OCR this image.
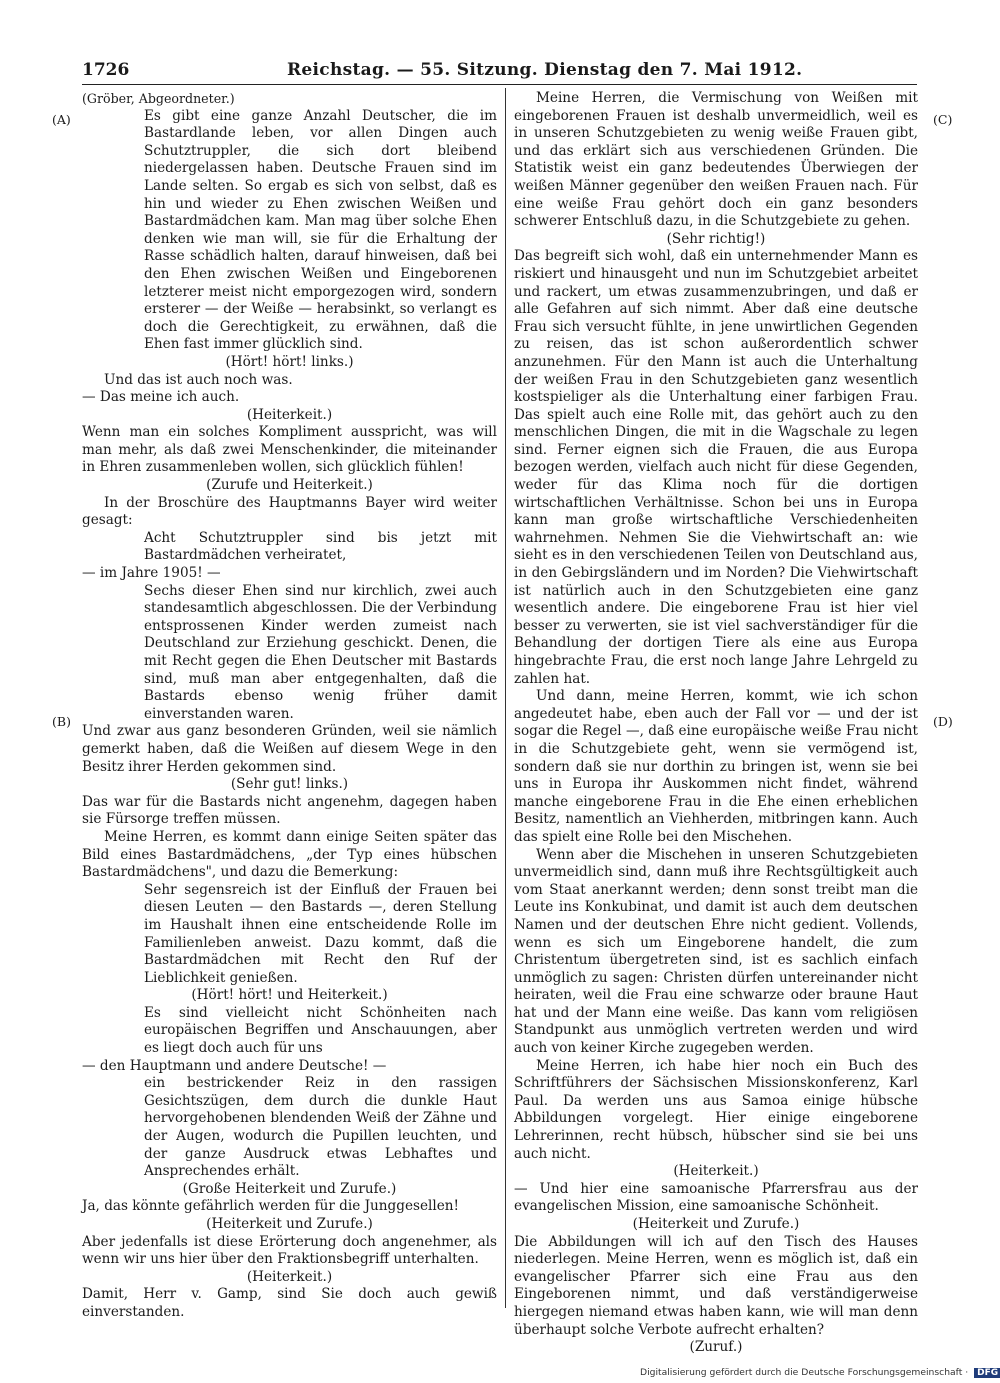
1726	Reichstag. — 55. Sitzung. Dienstag den 7. Mai 1912.
(A)
(B)
(C)
(D)

(Gröber, Abgeordneter.)

Es gibt eine ganze Anzahl Deutscher, die im Bastardlande leben, vor allen Dingen auch Schutztruppler, die sich dort bleibend niedergelassen haben. Deutsche Frauen sind im Lande selten. So ergab es sich von selbst, daß es hin und wieder zu Ehen zwischen Weißen und Bastardmädchen kam. Man mag über solche Ehen denken wie man will, sie für die Erhaltung der Rasse schädlich halten, darauf hinweisen, daß bei den Ehen zwischen Weißen und Eingeborenen letzterer meist nicht emporgezogen wird, sondern ersterer — der Weiße — herabsinkt, so verlangt es doch die Gerechtigkeit, zu erwähnen, daß die Ehen fast immer glücklich sind.

(Hört! hört! links.)

Und das ist auch noch was.

— Das meine ich auch.

(Heiterkeit.)

Wenn man ein solches Kompliment ausspricht, was will man mehr, als daß zwei Menschenkinder, die miteinander in Ehren zusammenleben wollen, sich glücklich fühlen!

(Zurufe und Heiterkeit.)

In der Broschüre des Hauptmanns Bayer wird weiter gesagt:

Acht Schutztruppler sind bis jetzt mit Bastardmädchen verheiratet,

— im Jahre 1905! —

Sechs dieser Ehen sind nur kirchlich, zwei auch standesamtlich abgeschlossen. Die der Verbindung entsprossenen Kinder werden zumeist nach Deutschland zur Erziehung geschickt. Denen, die mit Recht gegen die Ehen Deutscher mit Bastards sind, muß man aber entgegenhalten, daß die Bastards ebenso wenig früher damit einverstanden waren.

Und zwar aus ganz besonderen Gründen, weil sie nämlich gemerkt haben, daß die Weißen auf diesem Wege in den Besitz ihrer Herden gekommen sind.

(Sehr gut! links.)

Das war für die Bastards nicht angenehm, dagegen haben sie Fürsorge treffen müssen.

Meine Herren, es kommt dann einige Seiten später das Bild eines Bastardmädchens, „der Typ eines hübschen Bastardmädchens", und dazu die Bemerkung:

Sehr segensreich ist der Einfluß der Frauen bei diesen Leuten — den Bastards —, deren Stellung im Haushalt ihnen eine entscheidende Rolle im Familienleben anweist. Dazu kommt, daß die Bastardmädchen mit Recht den Ruf der Lieblichkeit genießen.

(Hört! hört! und Heiterkeit.)

Es sind vielleicht nicht Schönheiten nach europäischen Begriffen und Anschauungen, aber es liegt doch auch für uns

— den Hauptmann und andere Deutsche! —

ein bestrickender Reiz in den rassigen Gesichtszügen, dem durch die dunkle Haut hervorgehobenen blendenden Weiß der Zähne und der Augen, wodurch die Pupillen leuchten, und der ganze Ausdruck etwas Lebhaftes und Ansprechendes erhält.

(Große Heiterkeit und Zurufe.)

Ja, das könnte gefährlich werden für die Junggesellen!

(Heiterkeit und Zurufe.)

Aber jedenfalls ist diese Erörterung doch angenehmer, als wenn wir uns hier über den Fraktionsbegriff unterhalten.

(Heiterkeit.)

Damit, Herr v. Gamp, sind Sie doch auch gewiß einverstanden.

Meine Herren, die Vermischung von Weißen mit eingeborenen Frauen ist deshalb unvermeidlich, weil es in unseren Schutzgebieten zu wenig weiße Frauen gibt, und das erklärt sich aus verschiedenen Gründen. Die Statistik weist ein ganz bedeutendes Überwiegen der weißen Männer gegenüber den weißen Frauen nach. Für eine weiße Frau gehört doch ein ganz besonders schwerer Entschluß dazu, in die Schutzgebiete zu gehen.

(Sehr richtig!)

Das begreift sich wohl, daß ein unternehmender Mann es riskiert und hinausgeht und nun im Schutzgebiet arbeitet und rackert, um etwas zusammenzubringen, und daß er alle Gefahren auf sich nimmt. Aber daß eine deutsche Frau sich versucht fühlte, in jene unwirtlichen Gegenden zu reisen, das ist schon außerordentlich schwer anzunehmen. Für den Mann ist auch die Unterhaltung der weißen Frau in den Schutzgebieten ganz wesentlich kostspieliger als die Unterhaltung einer farbigen Frau. Das spielt auch eine Rolle mit, das gehört auch zu den menschlichen Dingen, die mit in die Wagschale zu legen sind. Ferner eignen sich die Frauen, die aus Europa bezogen werden, vielfach auch nicht für diese Gegenden, weder für das Klima noch für die dortigen wirtschaftlichen Verhältnisse. Schon bei uns in Europa kann man große wirtschaftliche Verschiedenheiten wahrnehmen. Nehmen Sie die Viehwirtschaft an: wie sieht es in den verschiedenen Teilen von Deutschland aus, in den Gebirgsländern und im Norden? Die Viehwirtschaft ist natürlich auch in den Schutzgebieten eine ganz wesentlich andere. Die eingeborene Frau ist hier viel besser zu verwerten, sie ist viel sachverständiger für die Behandlung der dortigen Tiere als eine aus Europa hingebrachte Frau, die erst noch lange Jahre Lehrgeld zu zahlen hat.

Und dann, meine Herren, kommt, wie ich schon angedeutet habe, eben auch der Fall vor — und der ist sogar die Regel —, daß eine europäische weiße Frau nicht in die Schutzgebiete geht, wenn sie vermögend ist, sondern daß sie nur dorthin zu bringen ist, wenn sie bei uns in Europa ihr Auskommen nicht findet, während manche eingeborene Frau in die Ehe einen erheblichen Besitz, namentlich an Viehherden, mitbringen kann. Auch das spielt eine Rolle bei den Mischehen.

Wenn aber die Mischehen in unseren Schutzgebieten unvermeidlich sind, dann muß ihre Rechtsgültigkeit auch vom Staat anerkannt werden; denn sonst treibt man die Leute ins Konkubinat, und damit ist auch dem deutschen Namen und der deutschen Ehre nicht gedient. Vollends, wenn es sich um Eingeborene handelt, die zum Christentum übergetreten sind, ist es sachlich einfach unmöglich zu sagen: Christen dürfen untereinander nicht heiraten, weil die Frau eine schwarze oder braune Haut hat und der Mann eine weiße. Das kann vom religiösen Standpunkt aus unmöglich vertreten werden und wird auch von keiner Kirche zugegeben werden.

Meine Herren, ich habe hier noch ein Buch des Schriftführers der Sächsischen Missionskonferenz, Karl Paul. Da werden uns aus Samoa einige hübsche Abbildungen vorgelegt. Hier einige eingeborene Lehrerinnen, recht hübsch, hübscher sind sie bei uns auch nicht.

(Heiterkeit.)

— Und hier eine samoanische Pfarrersfrau aus der evangelischen Mission, eine samoanische Schönheit.

(Heiterkeit und Zurufe.)

Die Abbildungen will ich auf den Tisch des Hauses niederlegen. Meine Herren, wenn es möglich ist, daß ein evangelischer Pfarrer sich eine Frau aus den Eingeborenen nimmt, und daß verständigerweise hiergegen niemand etwas haben kann, wie will man denn überhaupt solche Verbote aufrecht erhalten?

(Zuruf.)

Digitalisierung gefördert durch die Deutsche Forschungsgemeinschaft · DFG
